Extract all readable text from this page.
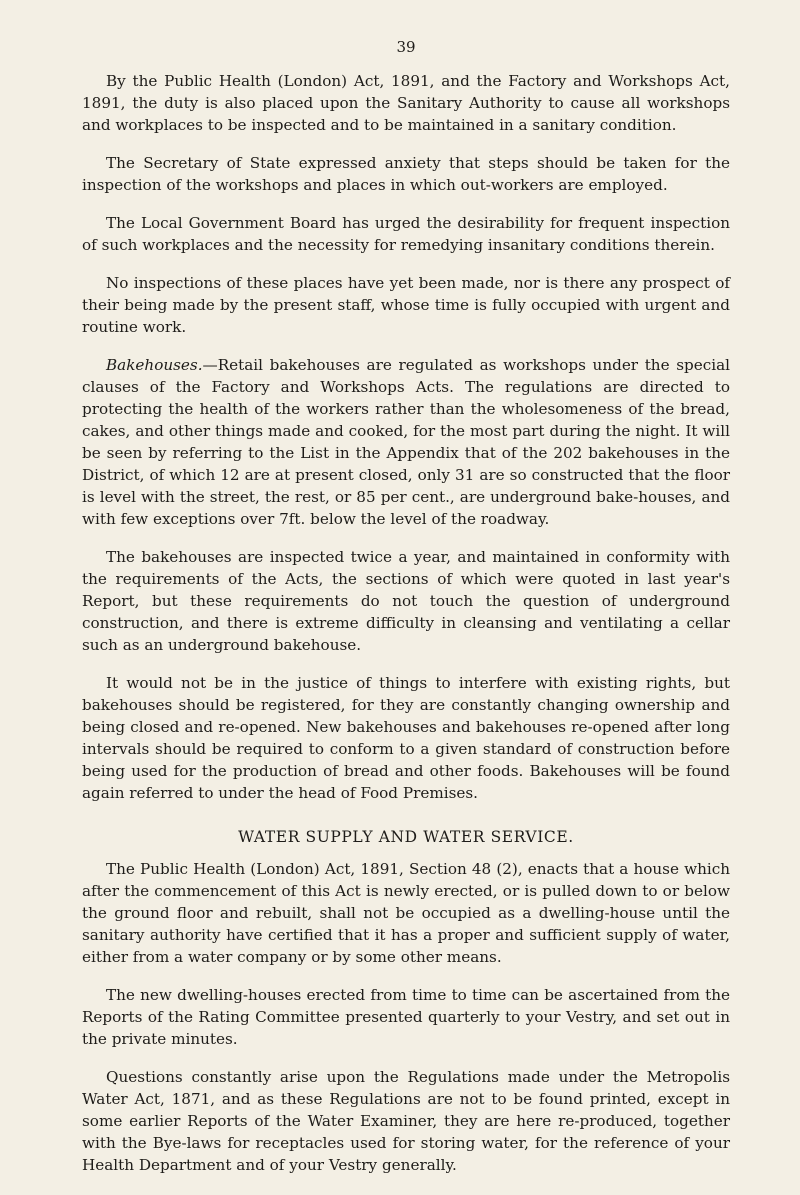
39

By the Public Health (London) Act, 1891, and the Factory and Workshops Act, 1891, the duty is also placed upon the Sanitary Authority to cause all workshops and workplaces to be inspected and to be maintained in a sanitary condition.

The Secretary of State expressed anxiety that steps should be taken for the inspection of the workshops and places in which out-workers are employed.

The Local Government Board has urged the desirability for frequent inspection of such workplaces and the necessity for remedying insanitary conditions therein.

No inspections of these places have yet been made, nor is there any prospect of their being made by the present staff, whose time is fully occupied with urgent and routine work.

Bakehouses.—Retail bakehouses are regulated as workshops under the special clauses of the Factory and Workshops Acts. The regulations are directed to protecting the health of the workers rather than the wholesomeness of the bread, cakes, and other things made and cooked, for the most part during the night. It will be seen by referring to the List in the Appendix that of the 202 bakehouses in the District, of which 12 are at present closed, only 31 are so constructed that the floor is level with the street, the rest, or 85 per cent., are underground bake-houses, and with few exceptions over 7ft. below the level of the roadway.

The bakehouses are inspected twice a year, and maintained in conformity with the requirements of the Acts, the sections of which were quoted in last year's Report, but these requirements do not touch the question of underground construction, and there is extreme difficulty in cleansing and ventilating a cellar such as an underground bakehouse.

It would not be in the justice of things to interfere with existing rights, but bakehouses should be registered, for they are constantly changing ownership and being closed and re-opened. New bakehouses and bakehouses re-opened after long intervals should be required to conform to a given standard of construction before being used for the production of bread and other foods. Bakehouses will be found again referred to under the head of Food Premises.

WATER SUPPLY AND WATER SERVICE.

The Public Health (London) Act, 1891, Section 48 (2), enacts that a house which after the commencement of this Act is newly erected, or is pulled down to or below the ground floor and rebuilt, shall not be occupied as a dwelling-house until the sanitary authority have certified that it has a proper and sufficient supply of water, either from a water company or by some other means.

The new dwelling-houses erected from time to time can be ascertained from the Reports of the Rating Committee presented quarterly to your Vestry, and set out in the private minutes.

Questions constantly arise upon the Regulations made under the Metropolis Water Act, 1871, and as these Regulations are not to be found printed, except in some earlier Reports of the Water Examiner, they are here re-produced, together with the Bye-laws for receptacles used for storing water, for the reference of your Health Department and of your Vestry generally.
